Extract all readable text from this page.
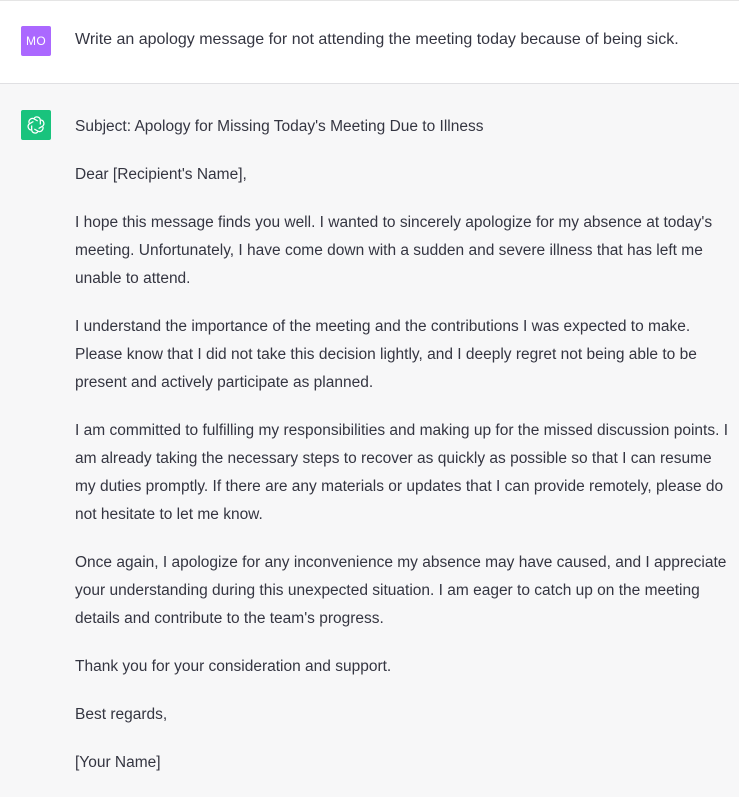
MO	Write an apology message for not attending the meeting today because of being sick.

Subject: Apology for Missing Today's Meeting Due to Illness

Dear [Recipient's Name],

I hope this message finds you well. I wanted to sincerely apologize for my absence at today's meeting. Unfortunately, I have come down with a sudden and severe illness that has left me unable to attend.

I understand the importance of the meeting and the contributions I was expected to make. Please know that I did not take this decision lightly, and I deeply regret not being able to be present and actively participate as planned.

I am committed to fulfilling my responsibilities and making up for the missed discussion points. I am already taking the necessary steps to recover as quickly as possible so that I can resume my duties promptly. If there are any materials or updates that I can provide remotely, please do not hesitate to let me know.

Once again, I apologize for any inconvenience my absence may have caused, and I appreciate your understanding during this unexpected situation. I am eager to catch up on the meeting details and contribute to the team's progress.

Thank you for your consideration and support.

Best regards,

[Your Name]
